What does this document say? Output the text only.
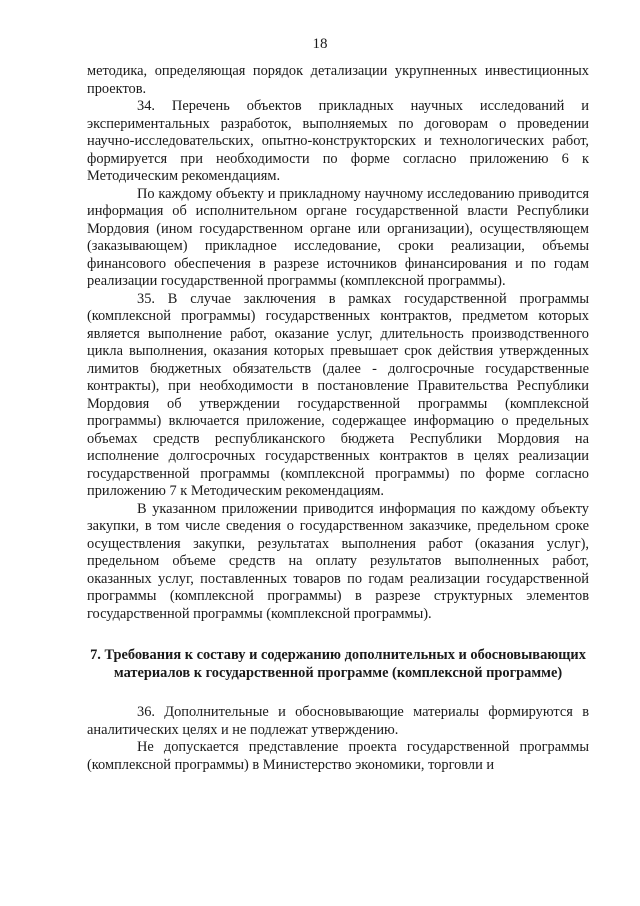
18

методика, определяющая порядок детализации укрупненных инвестиционных проектов.

34. Перечень объектов прикладных научных исследований и экспериментальных разработок, выполняемых по договорам о проведении научно-исследовательских, опытно-конструкторских и технологических работ, формируется при необходимости по форме согласно приложению 6 к Методическим рекомендациям.

По каждому объекту и прикладному научному исследованию приводится информация об исполнительном органе государственной власти Республики Мордовия (ином государственном органе или организации), осуществляющем (заказывающем) прикладное исследование, сроки реализации, объемы финансового обеспечения в разрезе источников финансирования и по годам реализации государственной программы (комплексной программы).

35. В случае заключения в рамках государственной программы (комплексной программы) государственных контрактов, предметом которых является выполнение работ, оказание услуг, длительность производственного цикла выполнения, оказания которых превышает срок действия утвержденных лимитов бюджетных обязательств (далее - долгосрочные государственные контракты), при необходимости в постановление Правительства Республики Мордовия об утверждении государственной программы (комплексной программы) включается приложение, содержащее информацию о предельных объемах средств республиканского бюджета Республики Мордовия на исполнение долгосрочных государственных контрактов в целях реализации государственной программы (комплексной программы) по форме согласно приложению 7 к Методическим рекомендациям.

В указанном приложении приводится информация по каждому объекту закупки, в том числе сведения о государственном заказчике, предельном сроке осуществления закупки, результатах выполнения работ (оказания услуг), предельном объеме средств на оплату результатов выполненных работ, оказанных услуг, поставленных товаров по годам реализации государственной программы (комплексной программы) в разрезе структурных элементов государственной программы (комплексной программы).

7. Требования к составу и содержанию дополнительных и обосновывающих материалов к государственной программе (комплексной программе)

36. Дополнительные и обосновывающие материалы формируются в аналитических целях и не подлежат утверждению.

Не допускается представление проекта государственной программы (комплексной программы) в Министерство экономики, торговли и
